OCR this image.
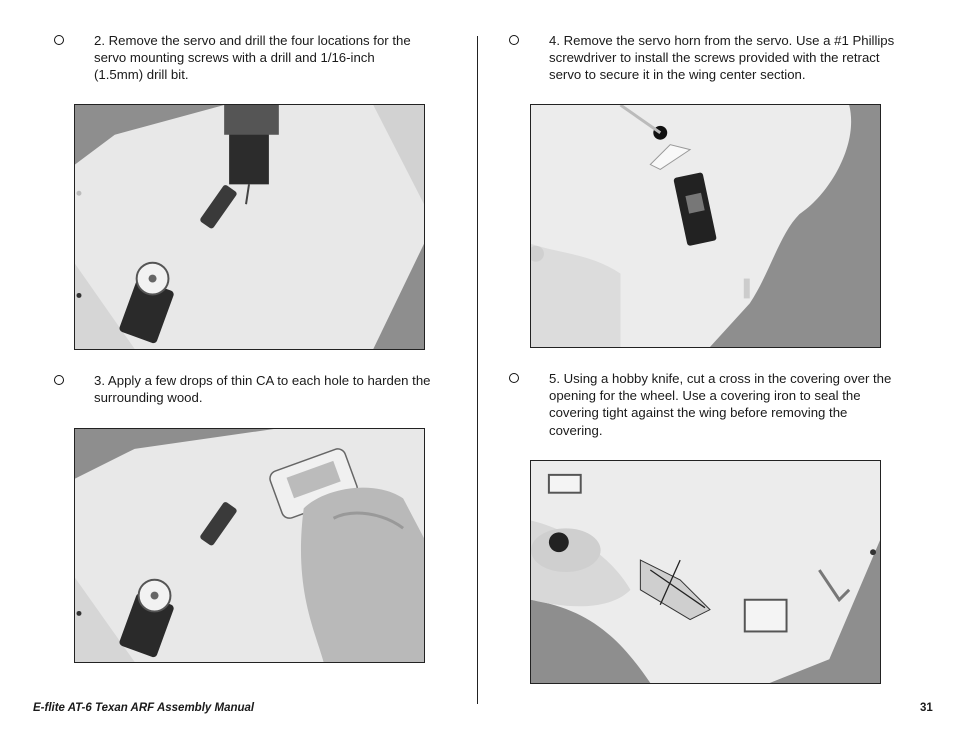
2. Remove the servo and drill the four locations for the servo mounting screws with a drill and 1/16-inch (1.5mm) drill bit.
3. Apply a few drops of thin CA to each hole to harden the surrounding wood.
4. Remove the servo horn from the servo. Use a #1 Phillips screwdriver to install the screws provided with the retract servo to secure it in the wing center section.
5. Using a hobby knife, cut a cross in the covering over the opening for the wheel. Use a covering iron to seal the covering tight against the wing before removing the covering.
E-flite AT-6 Texan ARF Assembly Manual	31
